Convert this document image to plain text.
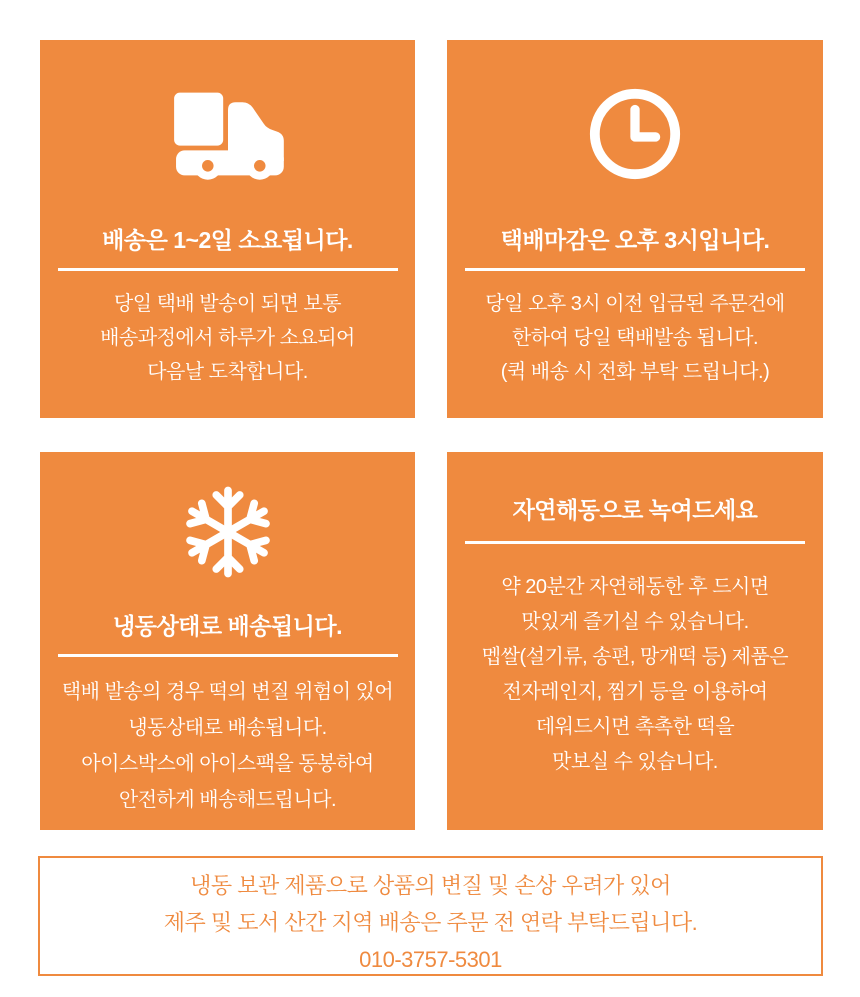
배송은 1~2일 소요됩니다.
당일 택배 발송이 되면 보통
배송과정에서 하루가 소요되어
다음날 도착합니다.
택배마감은 오후 3시입니다.
당일 오후 3시 이전 입금된 주문건에
한하여 당일 택배발송 됩니다.
(퀵 배송 시 전화 부탁 드립니다.)
냉동상태로 배송됩니다.
택배 발송의 경우 떡의 변질 위험이 있어
냉동상태로 배송됩니다.
아이스박스에 아이스팩을 동봉하여
안전하게 배송해드립니다.
자연해동으로 녹여드세요
약 20분간 자연해동한 후 드시면
맛있게 즐기실 수 있습니다.
멥쌀(설기류, 송편, 망개떡 등) 제품은
전자레인지, 찜기 등을 이용하여
데워드시면 촉촉한 떡을
맛보실 수 있습니다.
냉동 보관 제품으로 상품의 변질 및 손상 우려가 있어
제주 및 도서 산간 지역 배송은 주문 전 연락 부탁드립니다.
010-3757-5301
